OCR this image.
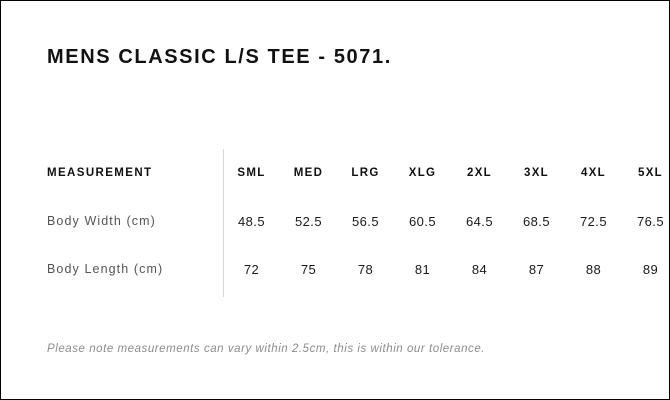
MENS CLASSIC L/S TEE - 5071.
MEASUREMENT	SML	MED	LRG	XLG	2XL	3XL	4XL	5XL
Body Width (cm)	48.5	52.5	56.5	60.5	64.5	68.5	72.5	76.5
Body Length (cm)	72	75	78	81	84	87	88	89
Please note measurements can vary within 2.5cm, this is within our tolerance.
